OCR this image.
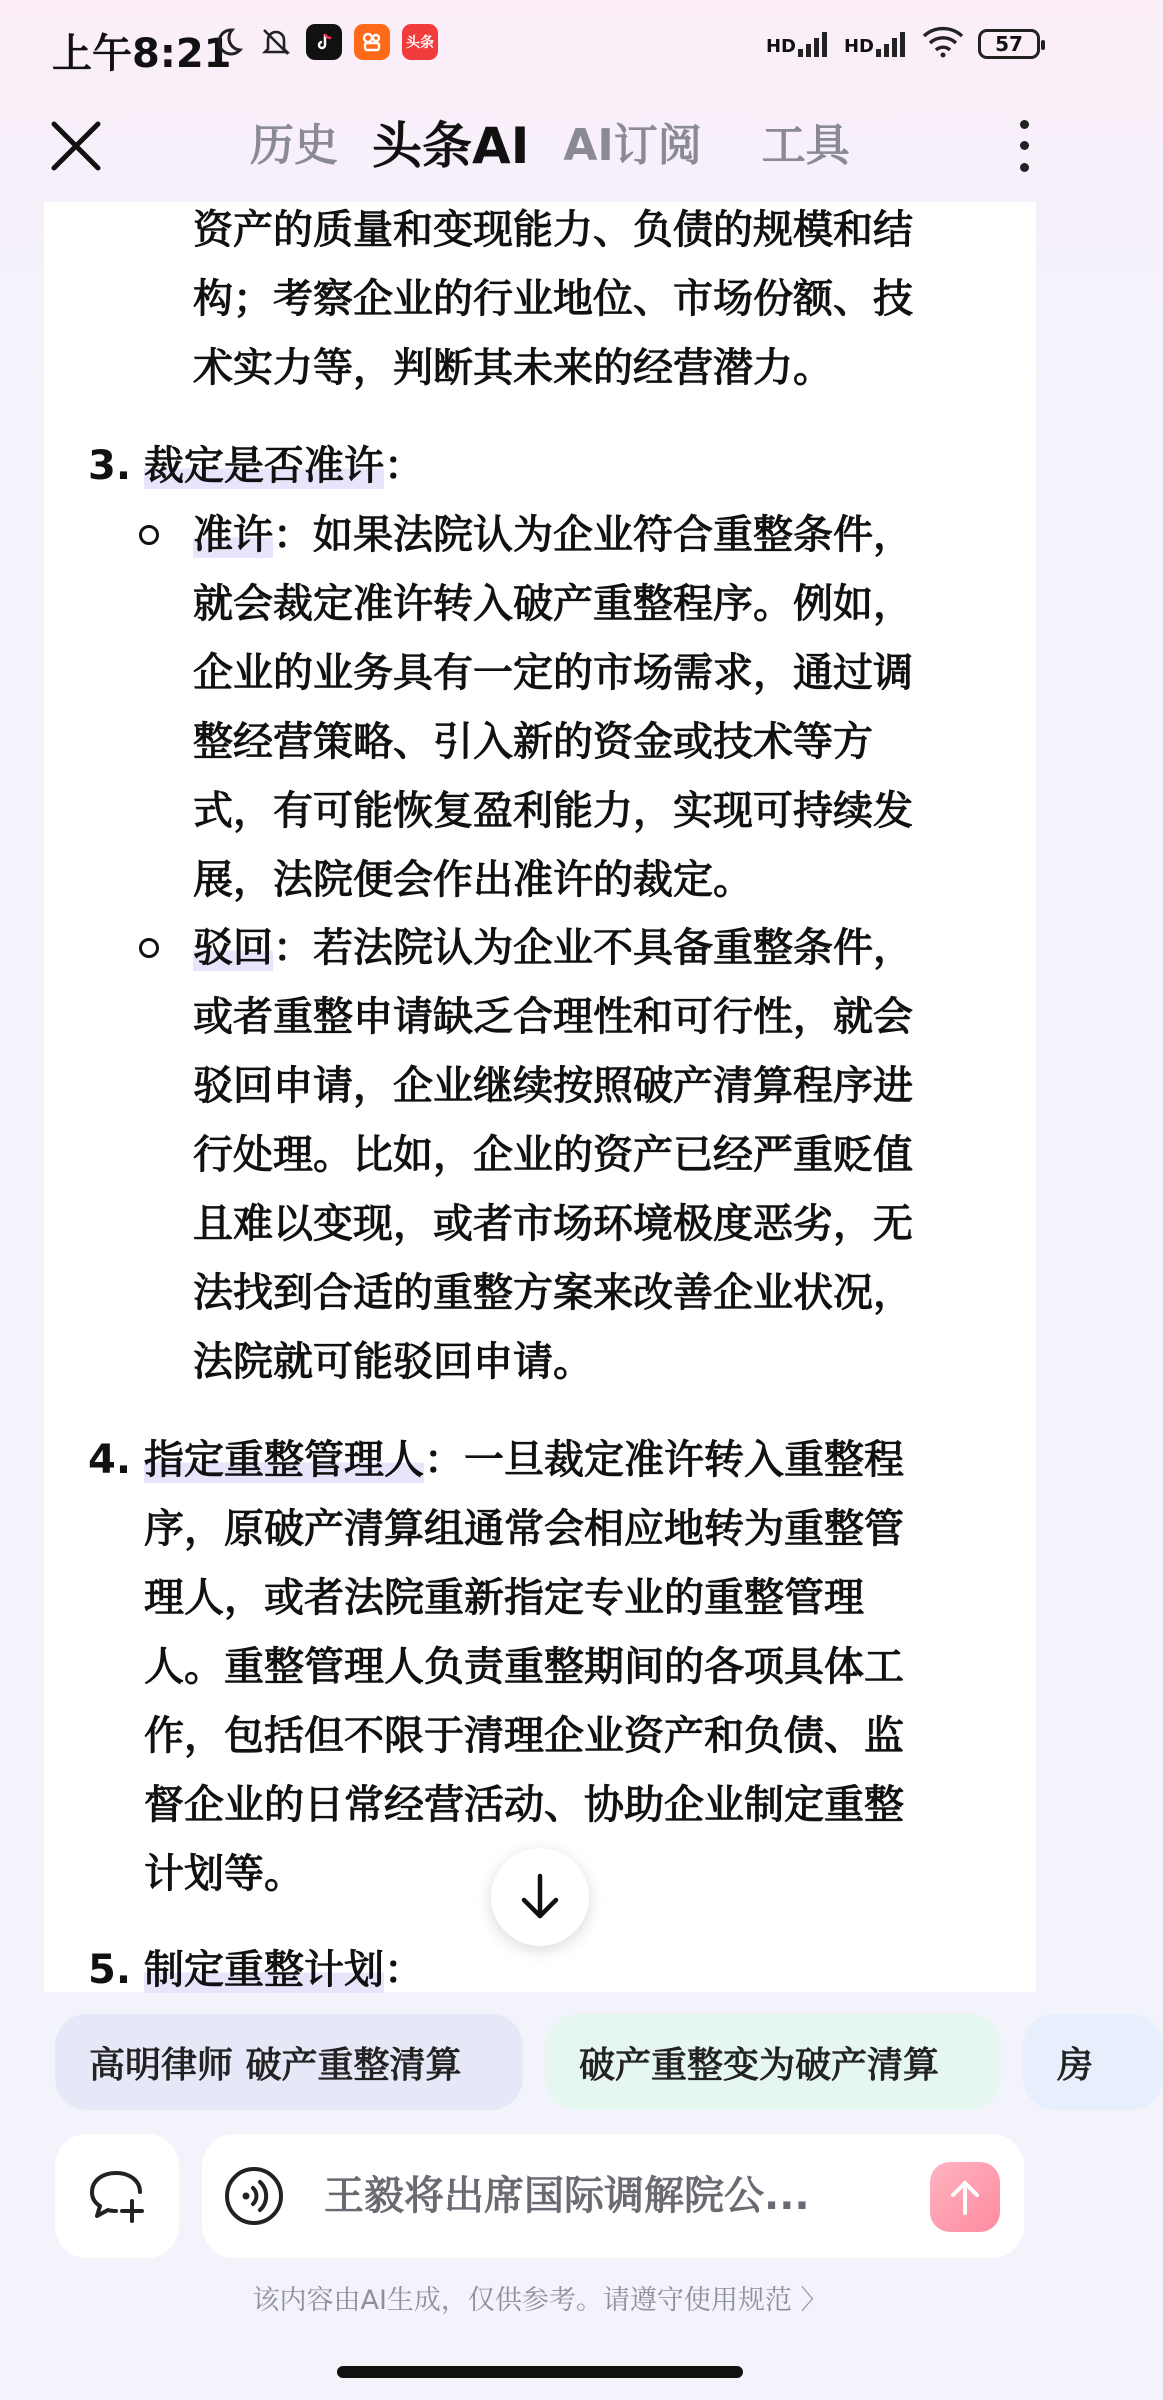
上午8:21	头条	HD	HD	57
历史 头条AI AI订阅 工具
资产的质量和变现能力、负债的规模和结
构；考察企业的行业地位、市场份额、技
术实力等，判断其未来的经营潜力。
3. 裁定是否准许：
准许：如果法院认为企业符合重整条件，
就会裁定准许转入破产重整程序。例如，
企业的业务具有一定的市场需求，通过调
整经营策略、引入新的资金或技术等方
式，有可能恢复盈利能力，实现可持续发
展，法院便会作出准许的裁定。
驳回：若法院认为企业不具备重整条件，
或者重整申请缺乏合理性和可行性，就会
驳回申请，企业继续按照破产清算程序进
行处理。比如，企业的资产已经严重贬值
且难以变现，或者市场环境极度恶劣，无
法找到合适的重整方案来改善企业状况，
法院就可能驳回申请。
4. 指定重整管理人：一旦裁定准许转入重整程
序，原破产清算组通常会相应地转为重整管
理人，或者法院重新指定专业的重整管理
人。重整管理人负责重整期间的各项具体工
作，包括但不限于清理企业资产和负债、监
督企业的日常经营活动、协助企业制定重整
计划等。
5. 制定重整计划：
高明律师 破产重整清算	破产重整变为破产清算	房
王毅将出席国际调解院公...
该内容由AI生成，仅供参考。请遵守使用规范 〉
